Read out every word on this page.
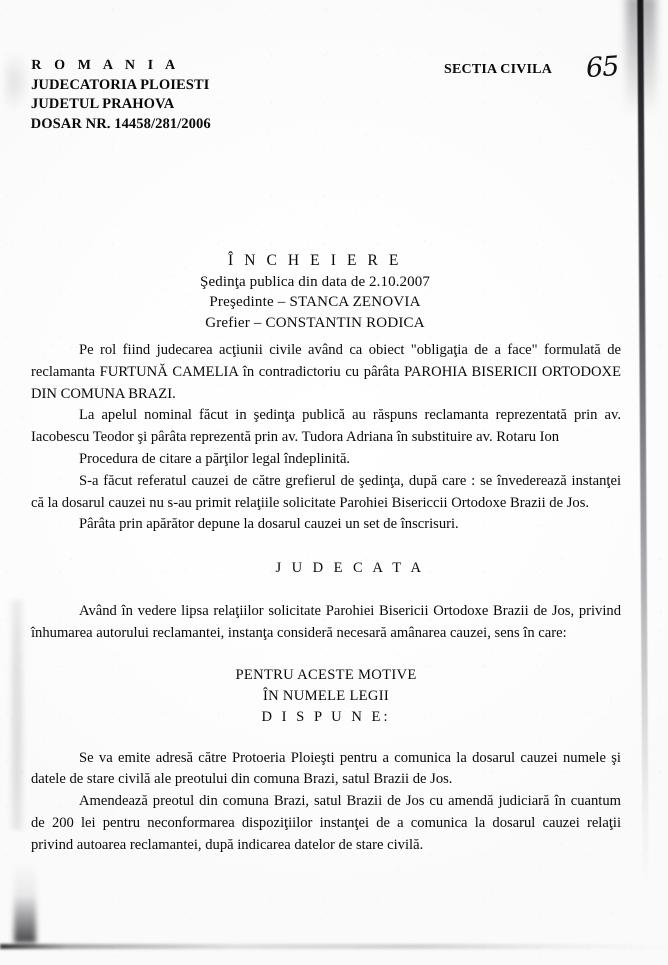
R O M A N I A
JUDECATORIA PLOIESTI
JUDETUL PRAHOVA
DOSAR NR. 14458/281/2006
SECTIA CIVILA 65
Î N C H E I E R E
Şedinţa publica din data de 2.10.2007
Preşedinte – STANCA ZENOVIA
Grefier – CONSTANTIN RODICA

Pe rol fiind judecarea acţiunii civile având ca obiect "obligaţia de a face" formulată de reclamanta FURTUNĂ CAMELIA în contradictoriu cu pârâta PAROHIA BISERICII ORTODOXE DIN COMUNA BRAZI.

La apelul nominal făcut in şedinţa publică au răspuns reclamanta reprezentată prin av. Iacobescu Teodor şi pârâta reprezentă prin av. Tudora Adriana în substituire av. Rotaru Ion

Procedura de citare a părţilor legal îndeplinită.

S-a făcut referatul cauzei de către grefierul de şedinţa, după care : se învederează instanţei că la dosarul cauzei nu s-au primit relaţiile solicitate Parohiei Bisericcii Ortodoxe Brazii de Jos.

Pârâta prin apărător depune la dosarul cauzei un set de înscrisuri.

J U D E C A T A

Având în vedere lipsa relaţiilor solicitate Parohiei Bisericii Ortodoxe Brazii de Jos, privind înhumarea autorului reclamantei, instanţa consideră necesară amânarea cauzei, sens în care:

PENTRU ACESTE MOTIVE
ÎN NUMELE LEGII
D I S P U N E:

Se va emite adresă către Protoeria Ploieşti pentru a comunica la dosarul cauzei numele şi datele de stare civilă ale preotului din comuna Brazi, satul Brazii de Jos.

Amendează preotul din comuna Brazi, satul Brazii de Jos cu amendă judiciară în cuantum de 200 lei pentru neconformarea dispoziţiilor instanţei de a comunica la dosarul cauzei relaţii privind autoarea reclamantei, după indicarea datelor de stare civilă.
